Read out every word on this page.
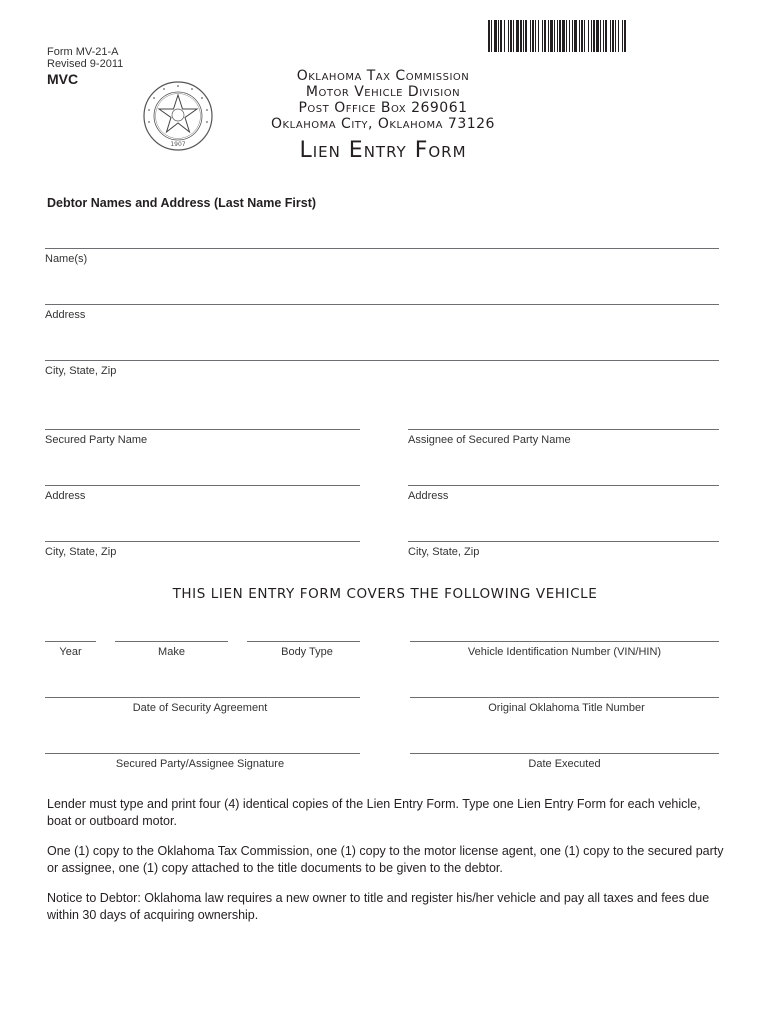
Form MV-21-A
Revised 9-2011
MVC
1907
Oklahoma Tax Commission
Motor Vehicle Division
Post Office Box 269061
Oklahoma City, Oklahoma 73126
Lien Entry Form
Debtor Names and Address (Last Name First)
Name(s)
Address
City, State, Zip
Secured Party Name	Assignee of Secured Party Name
Address	Address
City, State, Zip	City, State, Zip
THIS LIEN ENTRY FORM COVERS THE FOLLOWING VEHICLE
Year	Make	Body Type	Vehicle Identification Number (VIN/HIN)
Date of Security Agreement	Original Oklahoma Title Number
Secured Party/Assignee Signature	Date Executed
Lender must type and print four (4) identical copies of the Lien Entry Form. Type one Lien Entry Form for each vehicle, boat or outboard motor.
One (1) copy to the Oklahoma Tax Commission, one (1) copy to the motor license agent, one (1) copy to the secured party or assignee, one (1) copy attached to the title documents to be given to the debtor.
Notice to Debtor: Oklahoma law requires a new owner to title and register his/her vehicle and pay all taxes and fees due within 30 days of acquiring ownership.
